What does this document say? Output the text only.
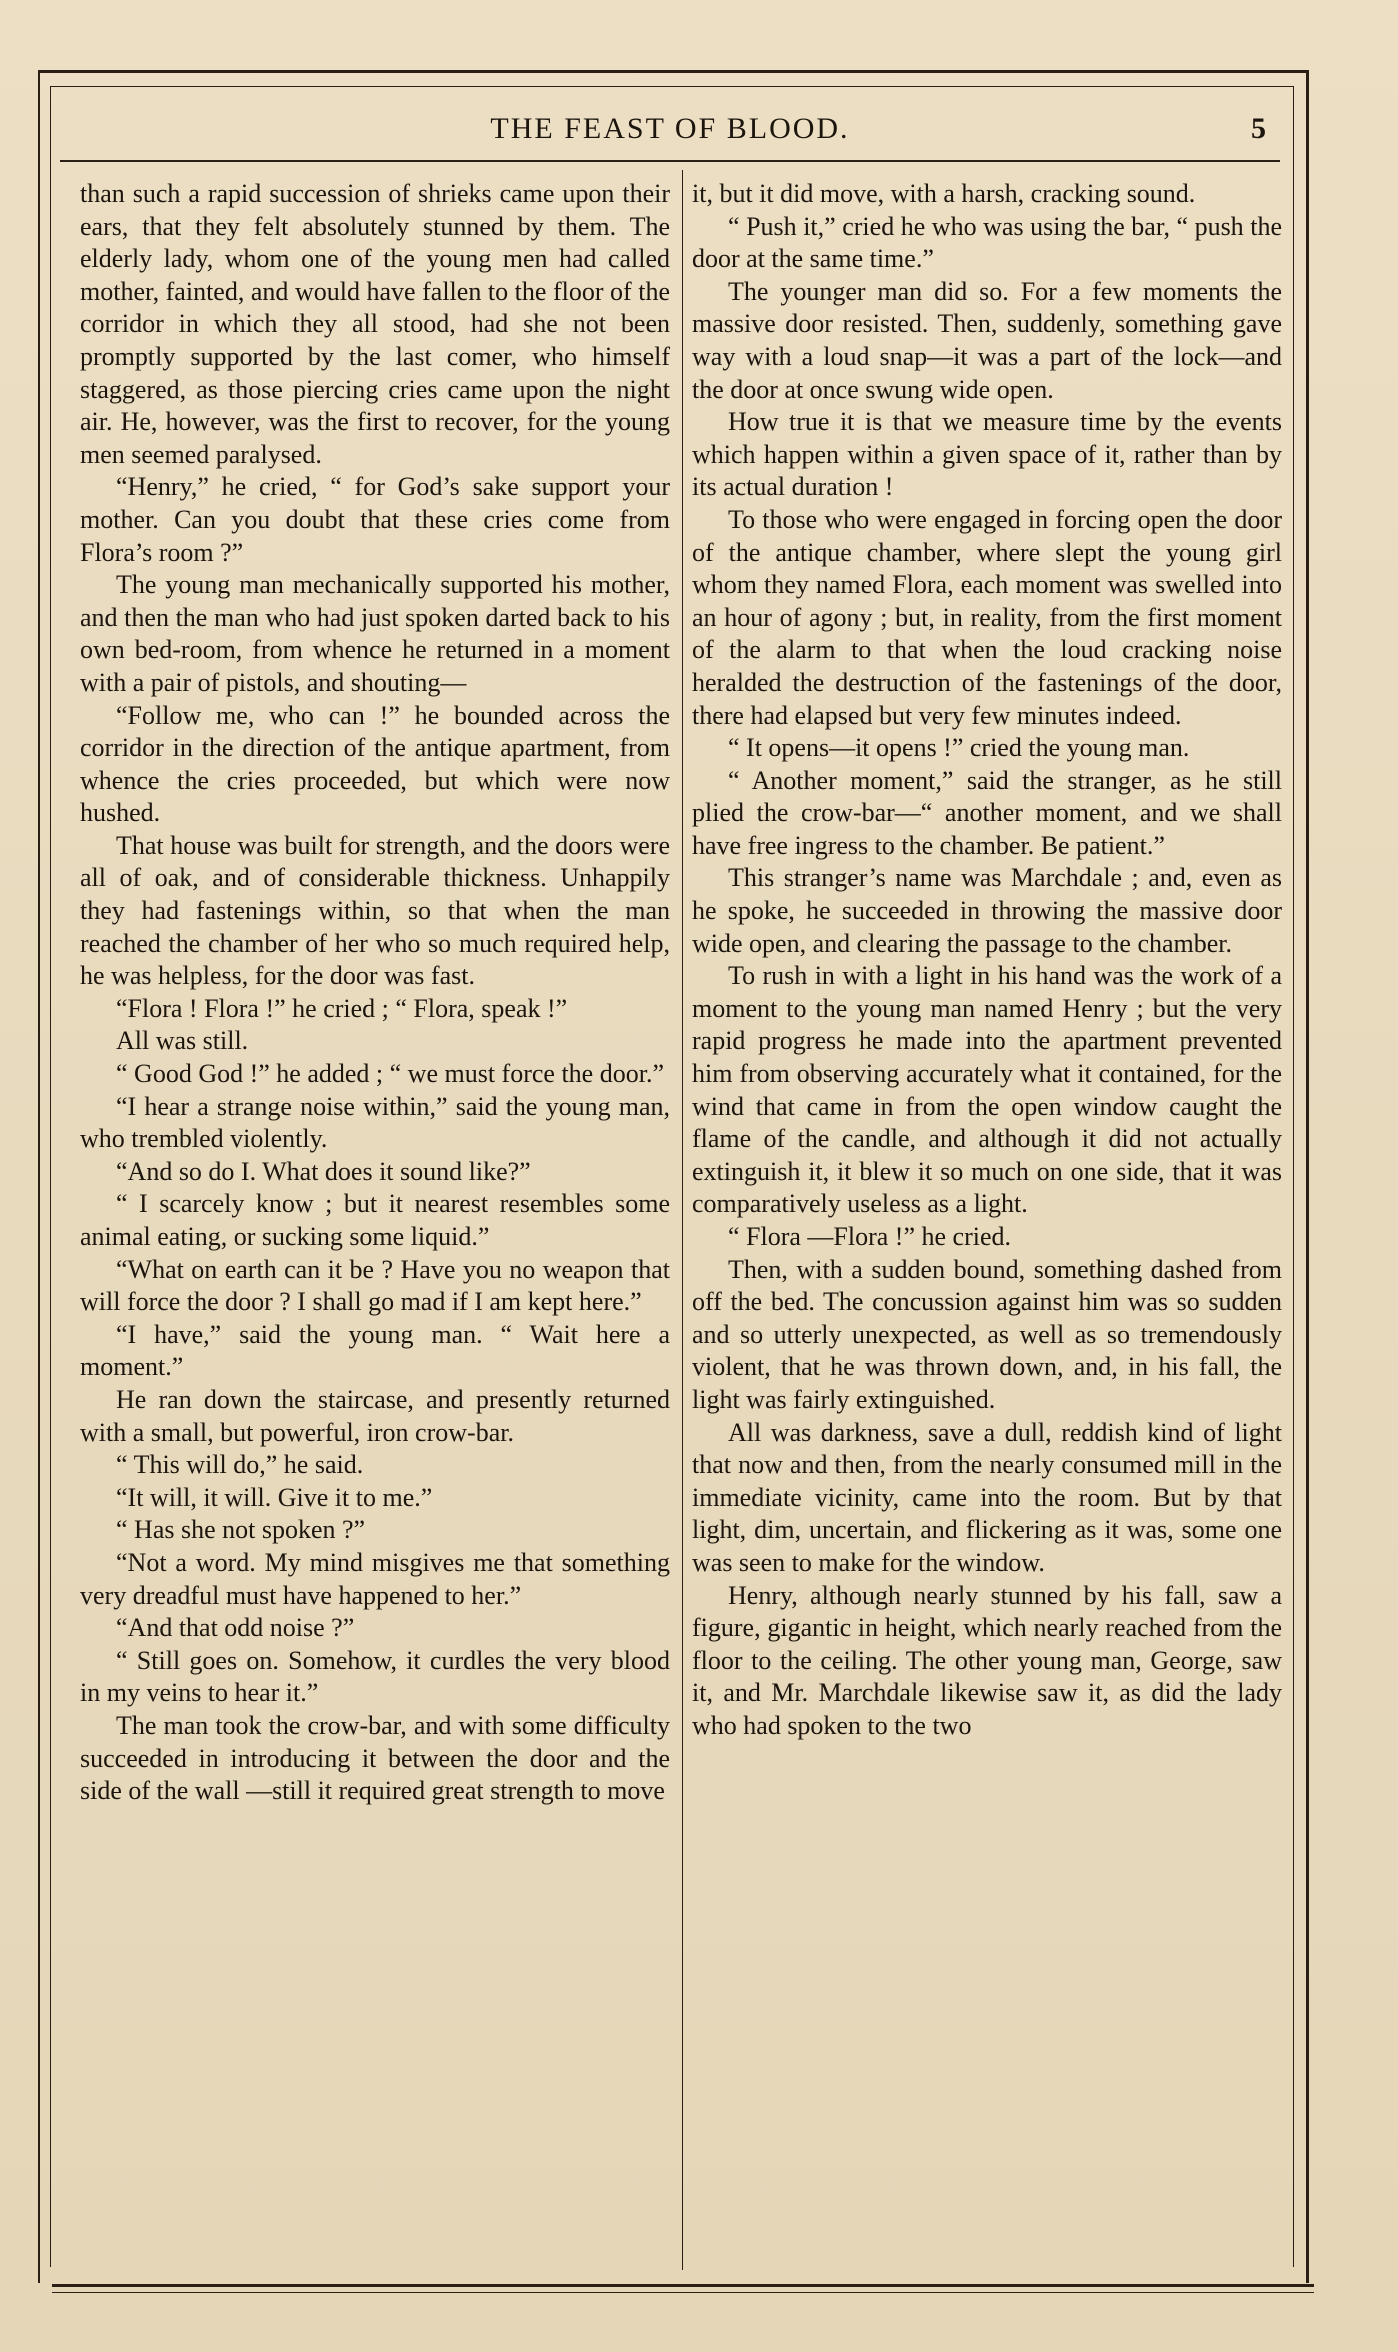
THE FEAST OF BLOOD.	5

than such a rapid succession of shrieks came upon their ears, that they felt absolutely stunned by them. The elderly lady, whom one of the young men had called mother, fainted, and would have fallen to the floor of the corridor in which they all stood, had she not been promptly supported by the last comer, who himself staggered, as those piercing cries came upon the night air. He, however, was the first to recover, for the young men seemed paralysed.

“Henry,” he cried, “ for God’s sake support your mother. Can you doubt that these cries come from Flora’s room ?”

The young man mechanically supported his mother, and then the man who had just spoken darted back to his own bed-room, from whence he returned in a moment with a pair of pistols, and shouting—

“Follow me, who can !” he bounded across the corridor in the direction of the antique apartment, from whence the cries proceeded, but which were now hushed.

That house was built for strength, and the doors were all of oak, and of considerable thickness. Unhappily they had fastenings within, so that when the man reached the chamber of her who so much required help, he was helpless, for the door was fast.

“Flora ! Flora !” he cried ; “ Flora, speak !”

All was still.

“ Good God !” he added ; “ we must force the door.”

“I hear a strange noise within,” said the young man, who trembled violently.

“And so do I. What does it sound like?”

“ I scarcely know ; but it nearest resembles some animal eating, or sucking some liquid.”

“What on earth can it be ? Have you no weapon that will force the door ? I shall go mad if I am kept here.”

“I have,” said the young man. “ Wait here a moment.”

He ran down the staircase, and presently returned with a small, but powerful, iron crow-bar.

“ This will do,” he said.

“It will, it will. Give it to me.”

“ Has she not spoken ?”

“Not a word. My mind misgives me that something very dreadful must have happened to her.”

“And that odd noise ?”

“ Still goes on. Somehow, it curdles the very blood in my veins to hear it.”

The man took the crow-bar, and with some difficulty succeeded in introducing it between the door and the side of the wall —still it required great strength to move

it, but it did move, with a harsh, cracking sound.

“ Push it,” cried he who was using the bar, “ push the door at the same time.”

The younger man did so. For a few moments the massive door resisted. Then, suddenly, something gave way with a loud snap—it was a part of the lock—and the door at once swung wide open.

How true it is that we measure time by the events which happen within a given space of it, rather than by its actual duration !

To those who were engaged in forcing open the door of the antique chamber, where slept the young girl whom they named Flora, each moment was swelled into an hour of agony ; but, in reality, from the first moment of the alarm to that when the loud cracking noise heralded the destruction of the fastenings of the door, there had elapsed but very few minutes indeed.

“ It opens—it opens !” cried the young man.

“ Another moment,” said the stranger, as he still plied the crow-bar—“ another moment, and we shall have free ingress to the chamber. Be patient.”

This stranger’s name was Marchdale ; and, even as he spoke, he succeeded in throwing the massive door wide open, and clearing the passage to the chamber.

To rush in with a light in his hand was the work of a moment to the young man named Henry ; but the very rapid progress he made into the apartment prevented him from observing accurately what it contained, for the wind that came in from the open window caught the flame of the candle, and although it did not actually extinguish it, it blew it so much on one side, that it was comparatively useless as a light.

“ Flora —Flora !” he cried.

Then, with a sudden bound, something dashed from off the bed. The concussion against him was so sudden and so utterly unexpected, as well as so tremendously violent, that he was thrown down, and, in his fall, the light was fairly extinguished.

All was darkness, save a dull, reddish kind of light that now and then, from the nearly consumed mill in the immediate vicinity, came into the room. But by that light, dim, uncertain, and flickering as it was, some one was seen to make for the window.

Henry, although nearly stunned by his fall, saw a figure, gigantic in height, which nearly reached from the floor to the ceiling. The other young man, George, saw it, and Mr. Marchdale likewise saw it, as did the lady who had spoken to the two
